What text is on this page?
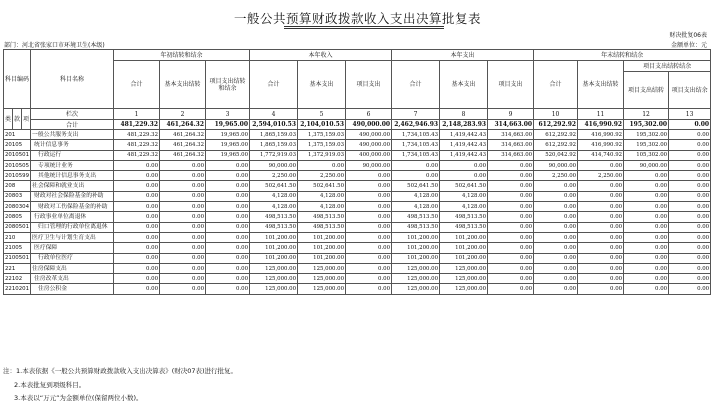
一般公共预算财政拨款收入支出决算批复表
财决批复06表
部门：河北省张家口市环境卫生(本级)	金额单位：元
科目编码			科目名称	年初结转和结余			本年收入			本年支出			年末结转和结余			
				合计	基本支出结转	项目支出结转和结余	合计	基本支出	项目支出	合计	基本支出	项目支出	合计	基本支出结转	项目支出结转结余	
															项目支出结转	项目支出结余
类	款	项	栏次	1	2	3	4	5	6	7	8	9	10	11	12	13
			合计	481,229.32	461,264.32	19,965.00	2,594,010.53	2,104,010.53	490,000.00	2,462,946.93	2,148,283.93	314,663.00	612,292.92	416,990.92	195,302.00	0.00
201			一般公共服务支出	481,229.32	461,264.32	19,965.00	1,865,159.03	1,375,159.03	490,000.00	1,734,105.43	1,419,442.43	314,663.00	612,292.92	416,990.92	195,302.00	0.00
20105			统计信息事务	481,229.32	461,264.32	19,965.00	1,865,159.03	1,375,159.03	490,000.00	1,734,105.43	1,419,442.43	314,663.00	612,292.92	416,990.92	195,302.00	0.00
2010501			行政运行	481,229.32	461,264.32	19,965.00	1,772,919.03	1,372,919.03	400,000.00	1,734,105.43	1,419,442.43	314,663.00	520,042.92	414,740.92	105,302.00	0.00
2010505			专项统计业务	0.00	0.00	0.00	90,000.00	0.00	90,000.00	0.00	0.00	0.00	90,000.00	0.00	90,000.00	0.00
2010599			其他统计信息事务支出	0.00	0.00	0.00	2,250.00	2,250.00	0.00	0.00	0.00	0.00	2,250.00	2,250.00	0.00	0.00
208			社会保障和就业支出	0.00	0.00	0.00	502,641.50	502,641.50	0.00	502,641.50	502,641.50	0.00	0.00	0.00	0.00	0.00
20803			财政对社会保险基金的补助	0.00	0.00	0.00	4,128.00	4,128.00	0.00	4,128.00	4,128.00	0.00	0.00	0.00	0.00	0.00
2080304			财政对工伤保险基金的补助	0.00	0.00	0.00	4,128.00	4,128.00	0.00	4,128.00	4,128.00	0.00	0.00	0.00	0.00	0.00
20805			行政事业单位离退休	0.00	0.00	0.00	498,513.50	498,513.50	0.00	498,513.50	498,513.50	0.00	0.00	0.00	0.00	0.00
2080501			归口管理的行政单位离退休	0.00	0.00	0.00	498,513.50	498,513.50	0.00	498,513.50	498,513.50	0.00	0.00	0.00	0.00	0.00
210			医疗卫生与计划生育支出	0.00	0.00	0.00	101,200.00	101,200.00	0.00	101,200.00	101,200.00	0.00	0.00	0.00	0.00	0.00
21005			医疗保障	0.00	0.00	0.00	101,200.00	101,200.00	0.00	101,200.00	101,200.00	0.00	0.00	0.00	0.00	0.00
2100501			行政单位医疗	0.00	0.00	0.00	101,200.00	101,200.00	0.00	101,200.00	101,200.00	0.00	0.00	0.00	0.00	0.00
221			住房保障支出	0.00	0.00	0.00	125,000.00	125,000.00	0.00	125,000.00	125,000.00	0.00	0.00	0.00	0.00	0.00
22102			住房改革支出	0.00	0.00	0.00	125,000.00	125,000.00	0.00	125,000.00	125,000.00	0.00	0.00	0.00	0.00	0.00
2210201			住房公积金	0.00	0.00	0.00	125,000.00	125,000.00	0.00	125,000.00	125,000.00	0.00	0.00	0.00	0.00	0.00
注：1.本表依据《一般公共预算财政拨款收入支出决算表》(财决07表)进行批复。
2.本表批复到项级科目。
3.本表以“万元”为金额单位(保留两位小数)。
